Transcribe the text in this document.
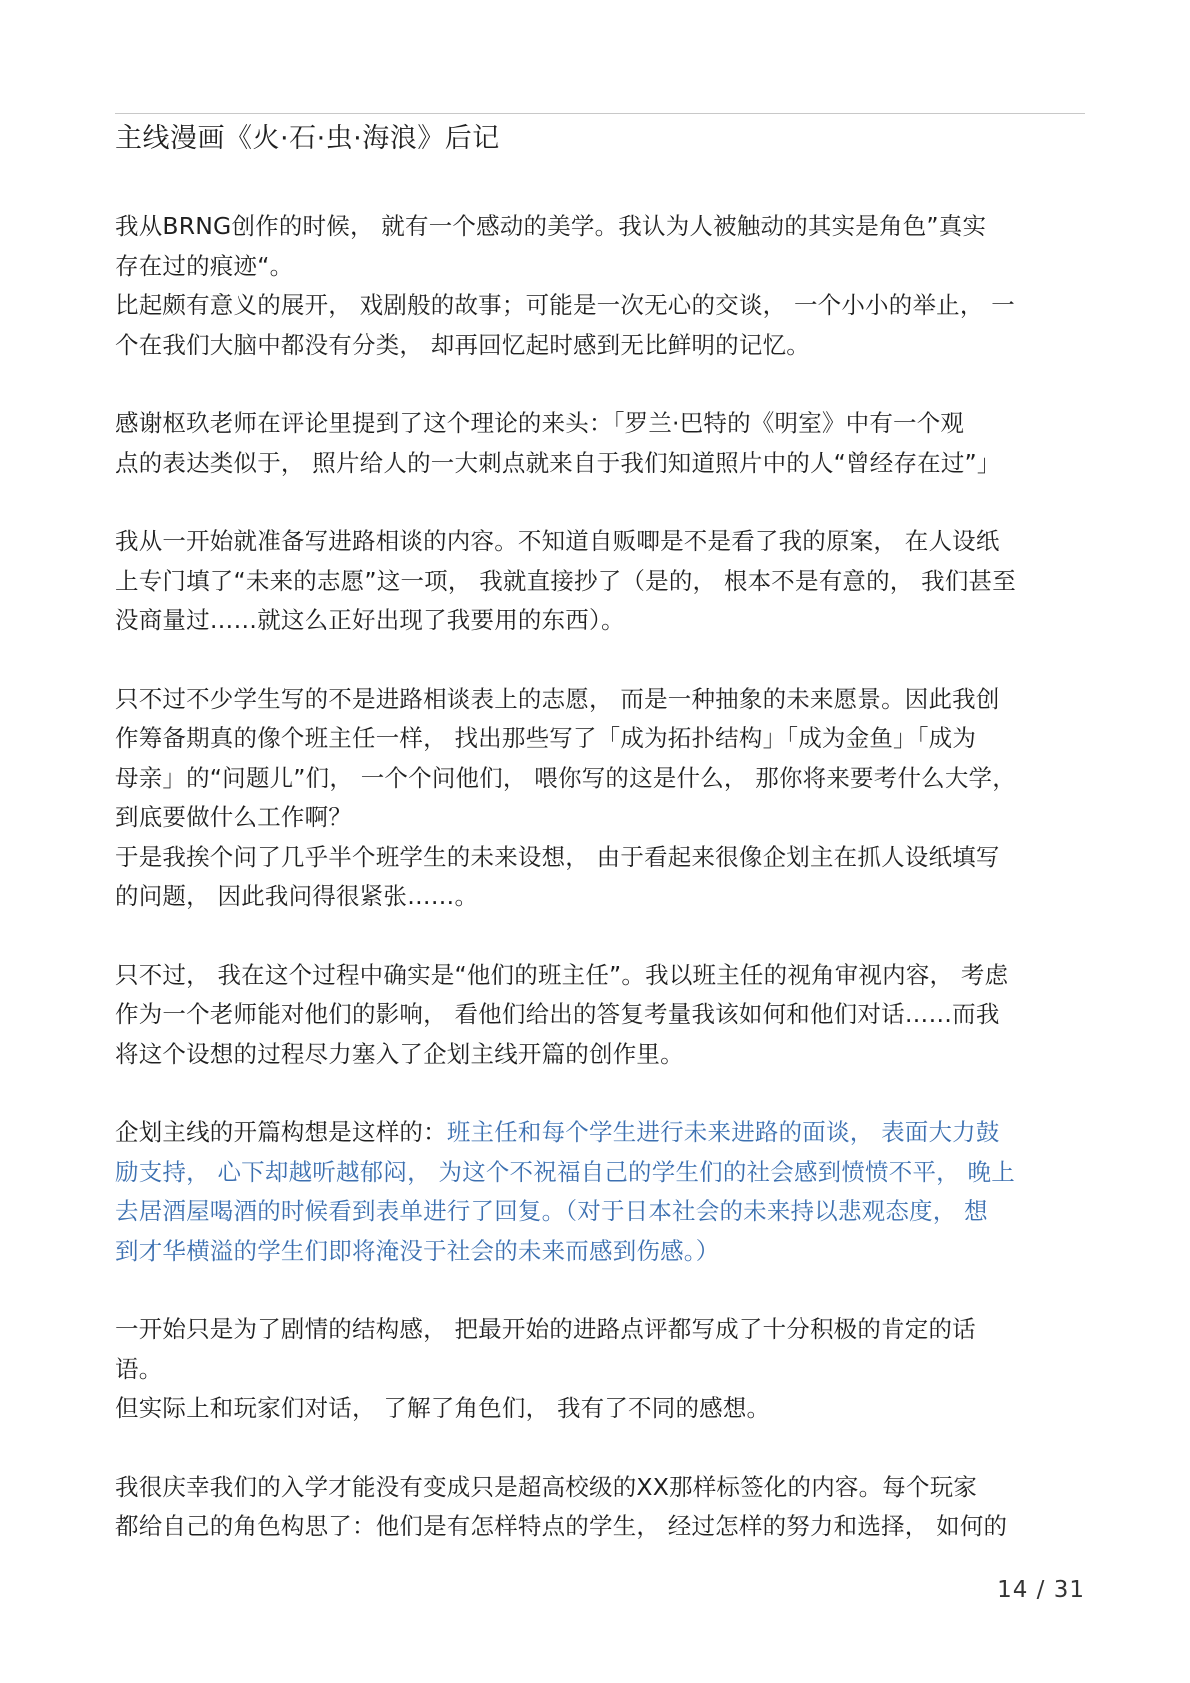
主线漫画《火·石·虫·海浪》后记
我从BRNG创作的时候， 就有一个感动的美学。我认为人被触动的其实是角色”真实
存在过的痕迹“。
比起颇有意义的展开， 戏剧般的故事；可能是一次无心的交谈， 一个小小的举止， 一
个在我们大脑中都没有分类， 却再回忆起时感到无比鲜明的记忆。
感谢枢玖老师在评论里提到了这个理论的来头：「罗兰·巴特的《明室》中有一个观
点的表达类似于， 照片给人的一大刺点就来自于我们知道照片中的人“曾经存在过”」
我从一开始就准备写进路相谈的内容。不知道自贩唧是不是看了我的原案， 在人设纸
上专门填了“未来的志愿”这一项， 我就直接抄了（是的， 根本不是有意的， 我们甚至
没商量过……就这么正好出现了我要用的东西）。
只不过不少学生写的不是进路相谈表上的志愿， 而是一种抽象的未来愿景。因此我创
作筹备期真的像个班主任一样， 找出那些写了「成为拓扑结构」「成为金鱼」「成为
母亲」的“问题儿”们， 一个个问他们， 喂你写的这是什么， 那你将来要考什么大学，
到底要做什么工作啊？
于是我挨个问了几乎半个班学生的未来设想， 由于看起来很像企划主在抓人设纸填写
的问题， 因此我问得很紧张……。
只不过， 我在这个过程中确实是“他们的班主任”。我以班主任的视角审视内容， 考虑
作为一个老师能对他们的影响， 看他们给出的答复考量我该如何和他们对话……而我
将这个设想的过程尽力塞入了企划主线开篇的创作里。
企划主线的开篇构想是这样的：班主任和每个学生进行未来进路的面谈， 表面大力鼓
励支持， 心下却越听越郁闷， 为这个不祝福自己的学生们的社会感到愤愤不平， 晚上
去居酒屋喝酒的时候看到表单进行了回复。（对于日本社会的未来持以悲观态度， 想
到才华横溢的学生们即将淹没于社会的未来而感到伤感。）
一开始只是为了剧情的结构感， 把最开始的进路点评都写成了十分积极的肯定的话
语。
但实际上和玩家们对话， 了解了角色们， 我有了不同的感想。
我很庆幸我们的入学才能没有变成只是超高校级的XX那样标签化的内容。每个玩家
都给自己的角色构思了：他们是有怎样特点的学生， 经过怎样的努力和选择， 如何的
14 / 31
